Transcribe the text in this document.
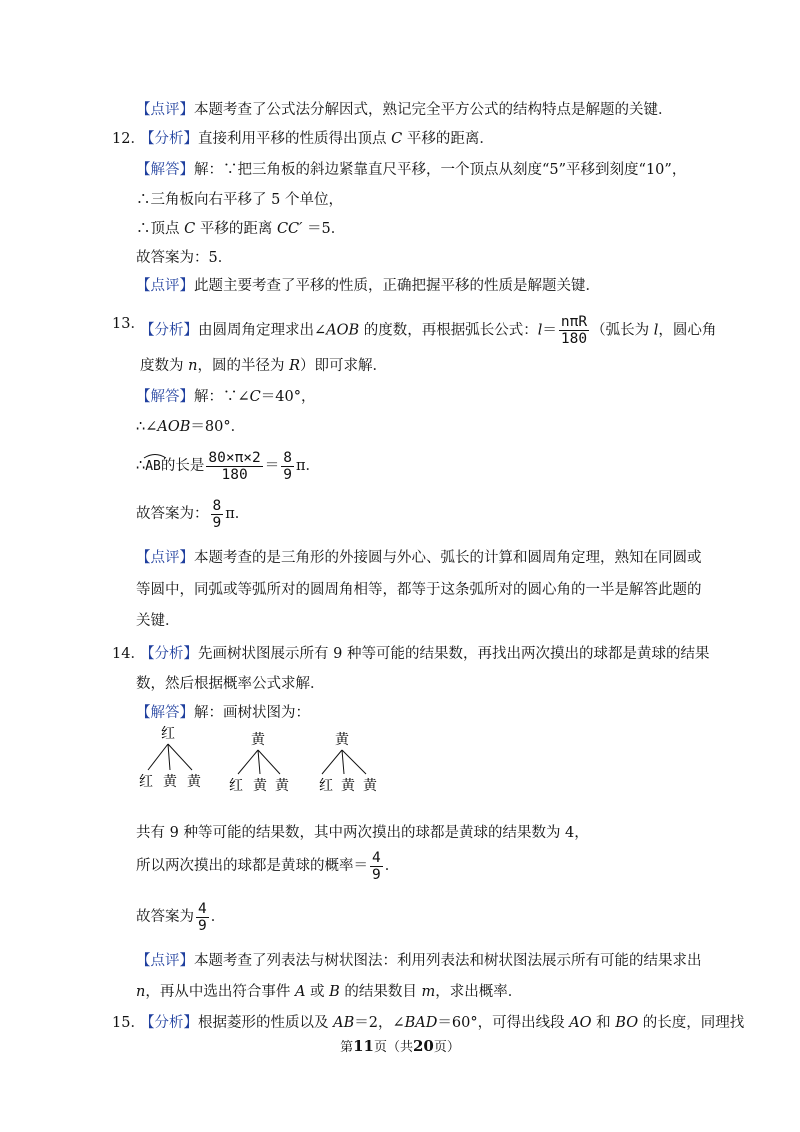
【点评】本题考查了公式法分解因式，熟记完全平方公式的结构特点是解题的关键．
12．
【分析】直接利用平移的性质得出顶点 C 平移的距离．
【解答】解：∵把三角板的斜边紧靠直尺平移，一个顶点从刻度“5”平移到刻度“10”，
∴三角板向右平移了 5 个单位，
∴顶点 C 平移的距离 CC′ ＝5．
故答案为：5．
【点评】此题主要考查了平移的性质，正确把握平移的性质是解题关键．
13．
【分析】由圆周角定理求出∠AOB 的度数，再根据弧长公式：$l= \frac{\text{nπR}}{180}$ （弧长为 l，圆心角
度数为 n，圆的半径为 R）即可求解．
【解答】解：∵∠C＝40°，
∴∠AOB＝80°．
∴
AB的长是 $\frac{80\times\pi\times 2}{180} = \frac{8}{9}$ π．
故答案为： $\frac{8}{9}$ π．
【点评】本题考查的是三角形的外接圆与外心、弧长的计算和圆周角定理，熟知在同圆或
等圆中，同弧或等弧所对的圆周角相等，都等于这条弧所对的圆心角的一半是解答此题的
关键．
14．
【分析】先画树状图展示所有 9 种等可能的结果数，再找出两次摸出的球都是黄球的结果
数，然后根据概率公式求解．
【解答】解：画树状图为：
红
红 黄 黄
黄
红 黄 黄
黄
红 黄 黄
共有 9 种等可能的结果数，其中两次摸出的球都是黄球的结果数为 4，
所以两次摸出的球都是黄球的概率＝ $\frac{4}{9}$ ．
故答案为 $\frac{4}{9}$ ．
【点评】本题考查了列表法与树状图法：利用列表法和树状图法展示所有可能的结果求出
n，再从中选出符合事件 A 或 B 的结果数目 m，求出概率．
15．
【分析】根据菱形的性质以及 AB＝2，∠BAD＝60°，可得出线段 AO 和 BO 的长度，同理找
第11页（共20页）
